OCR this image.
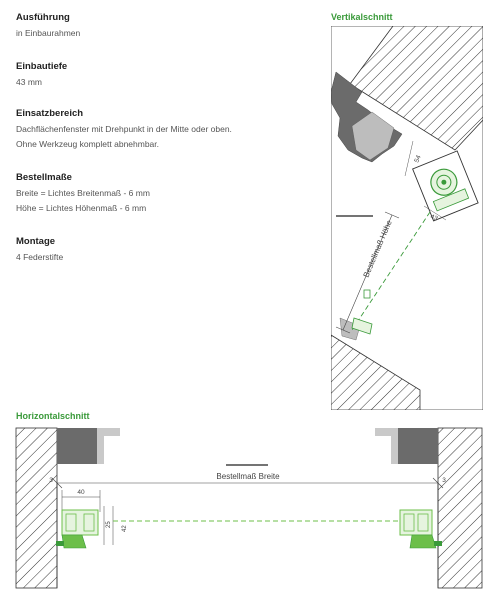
Ausführung

in Einbaurahmen

Einbautiefe

43 mm

Einsatzbereich

Dachflächenfenster mit Drehpunkt in der Mitte oder oben.

Ohne Werkzeug komplett abnehmbar.

Bestellmaße

Breite = Lichtes Breitenmaß - 6 mm

Höhe = Lichtes Höhenmaß - 6 mm

Montage

4 Federstifte

Vertikalschnitt
Horizontalschnitt
Bestellmaß Höhe
54
43
Bestellmaß Breite
40
25
42
3	3
